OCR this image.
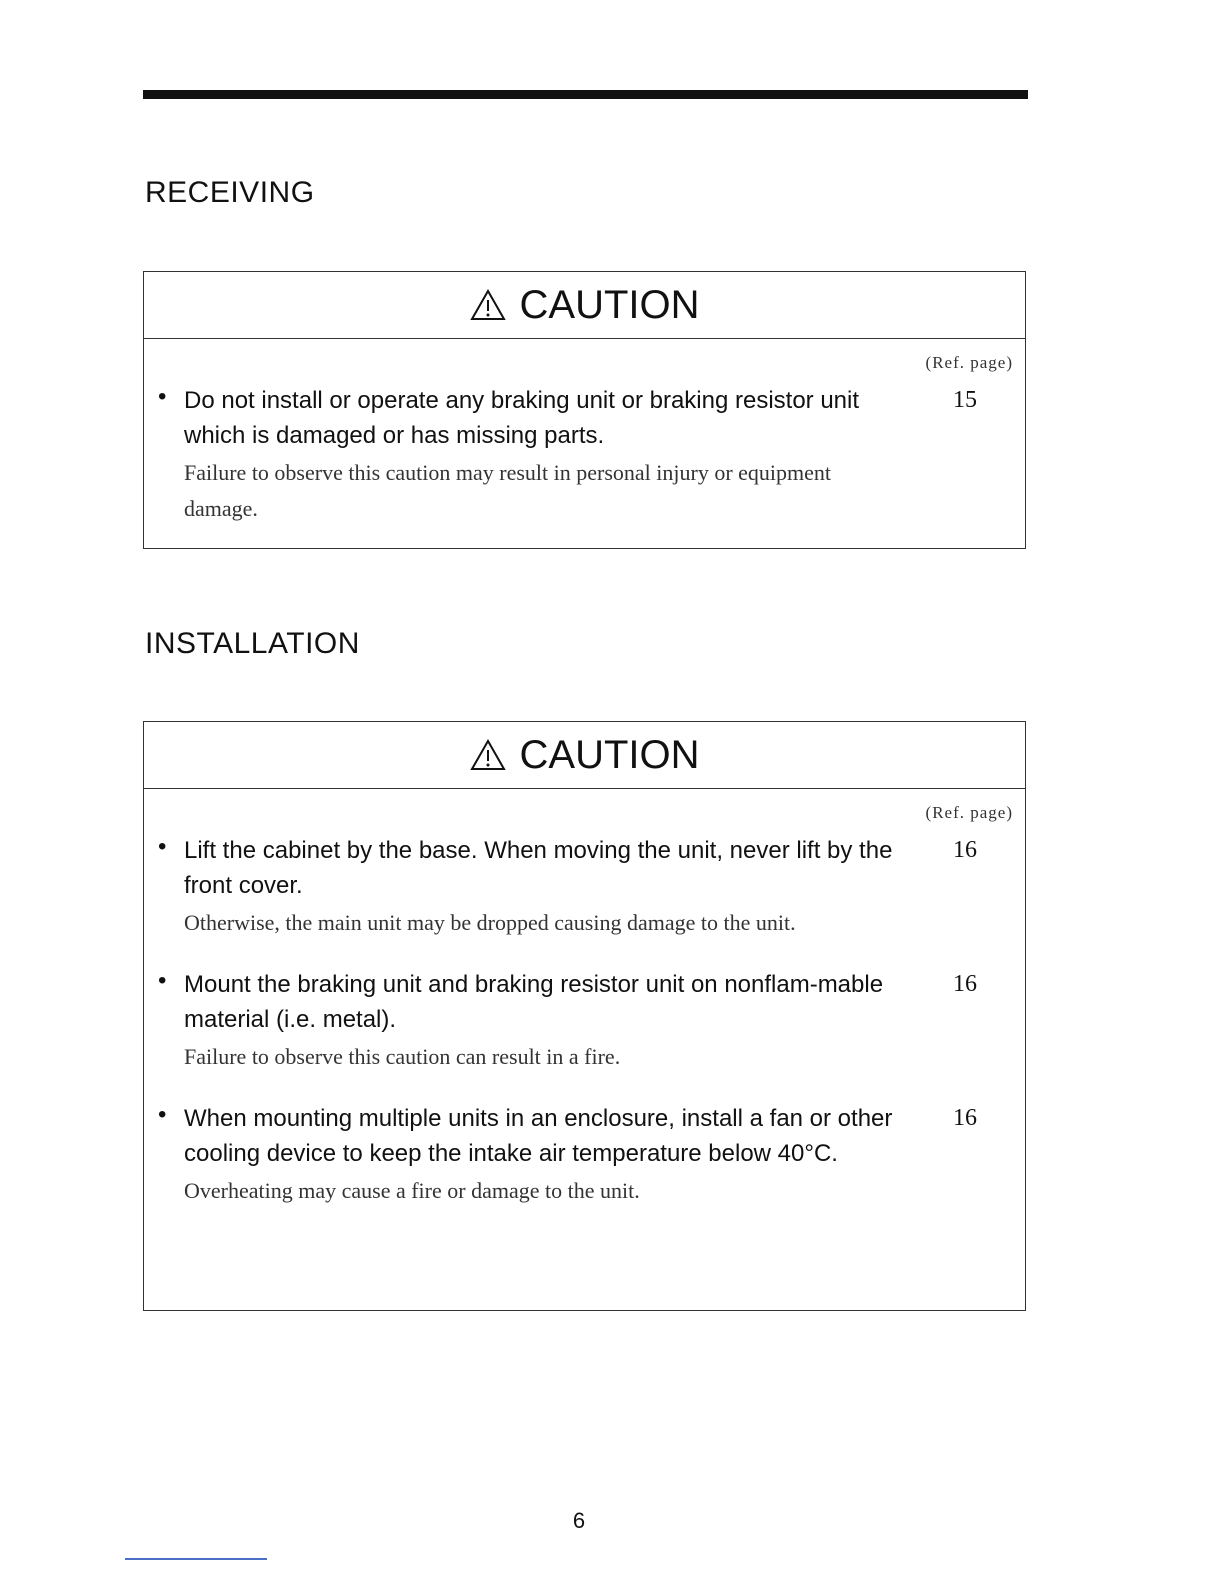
RECEIVING
CAUTION
(Ref. page)
• Do not install or operate any braking unit or braking resistor unit which is damaged or has missing parts.
Failure to observe this caution may result in personal injury or equipment damage.
15
INSTALLATION
CAUTION
(Ref. page)
• Lift the cabinet by the base. When moving the unit, never lift by the front cover.
Otherwise, the main unit may be dropped causing damage to the unit.
16
• Mount the braking unit and braking resistor unit on nonflam-mable material (i.e. metal).
Failure to observe this caution can result in a fire.
16
• When mounting multiple units in an enclosure, install a fan or other cooling device to keep the intake air temperature below 40°C.
Overheating may cause a fire or damage to the unit.
16
6
